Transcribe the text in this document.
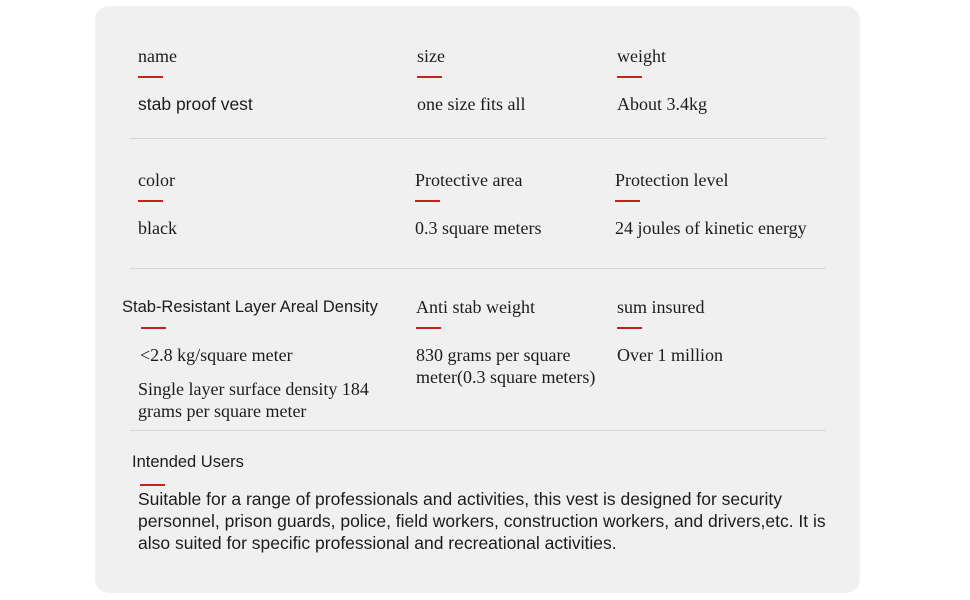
name
stab proof vest
size
one size fits all
weight
About 3.4kg
color
black
Protective area
0.3 square meters
Protection level
24 joules of kinetic energy
Stab-Resistant Layer Areal Density
<2.8 kg/square meter
Single layer surface density 184 grams per square meter
Anti stab weight
830 grams per square meter(0.3 square meters)
sum insured
Over 1 million
Intended Users
Suitable for a range of professionals and activities, this vest is designed for security personnel, prison guards, police, field workers, construction workers, and drivers,etc. It is also suited for specific professional and recreational activities.
